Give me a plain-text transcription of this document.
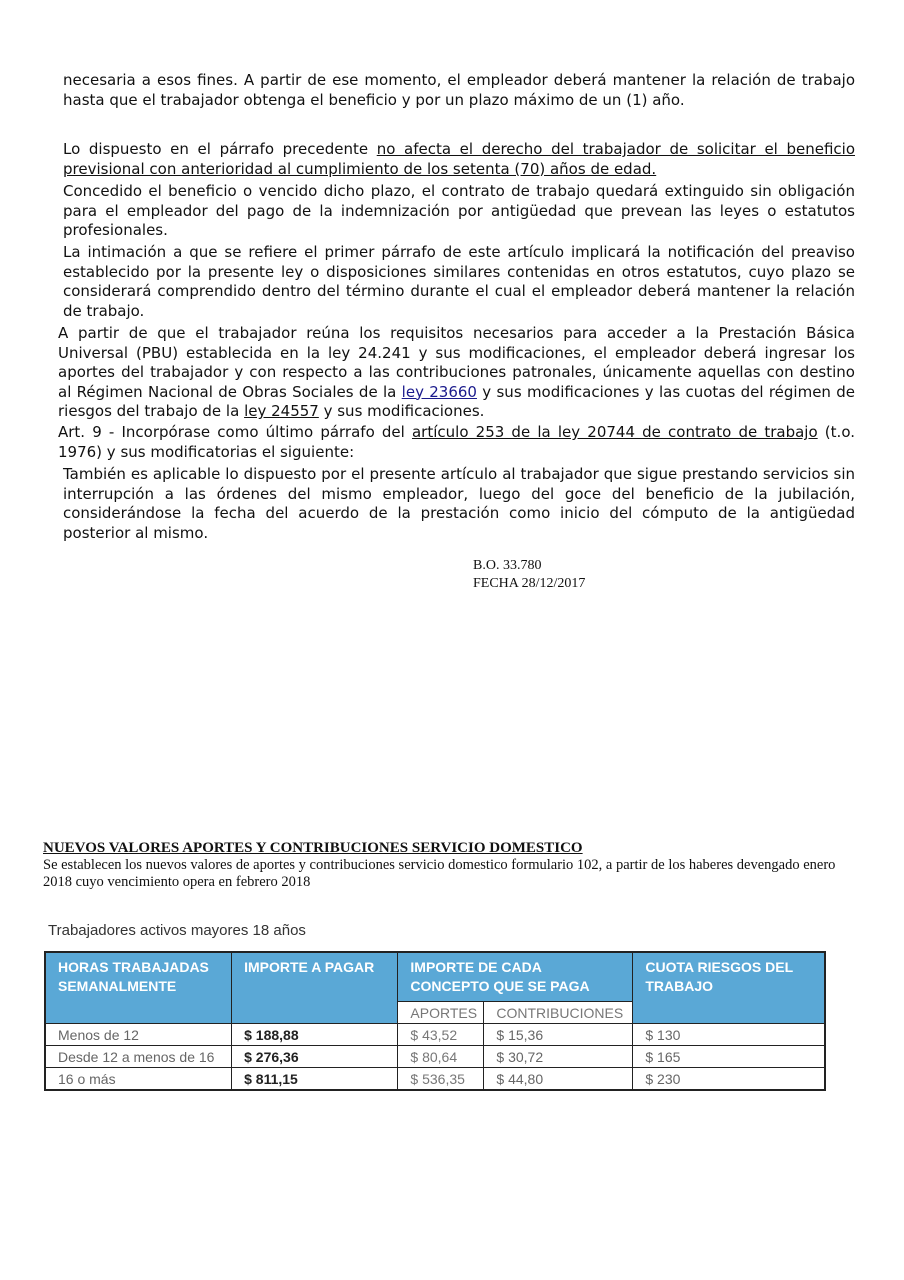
necesaria a esos fines. A partir de ese momento, el empleador deberá mantener la relación de trabajo hasta que el trabajador obtenga el beneficio y por un plazo máximo de un (1) año.

Lo dispuesto en el párrafo precedente no afecta el derecho del trabajador de solicitar el beneficio previsional con anterioridad al cumplimiento de los setenta (70) años de edad.

Concedido el beneficio o vencido dicho plazo, el contrato de trabajo quedará extinguido sin obligación para el empleador del pago de la indemnización por antigüedad que prevean las leyes o estatutos profesionales.

La intimación a que se refiere el primer párrafo de este artículo implicará la notificación del preaviso establecido por la presente ley o disposiciones similares contenidas en otros estatutos, cuyo plazo se considerará comprendido dentro del término durante el cual el empleador deberá mantener la relación de trabajo.

A partir de que el trabajador reúna los requisitos necesarios para acceder a la Prestación Básica Universal (PBU) establecida en la ley 24.241 y sus modificaciones, el empleador deberá ingresar los aportes del trabajador y con respecto a las contribuciones patronales, únicamente aquellas con destino al Régimen Nacional de Obras Sociales de la ley 23660 y sus modificaciones y las cuotas del régimen de riesgos del trabajo de la ley 24557 y sus modificaciones.

Art. 9 - Incorpórase como último párrafo del artículo 253 de la ley 20744 de contrato de trabajo (t.o. 1976) y sus modificatorias el siguiente:

También es aplicable lo dispuesto por el presente artículo al trabajador que sigue prestando servicios sin interrupción a las órdenes del mismo empleador, luego del goce del beneficio de la jubilación, considerándose la fecha del acuerdo de la prestación como inicio del cómputo de la antigüedad posterior al mismo.

B.O. 33.780
FECHA 28/12/2017

NUEVOS VALORES APORTES Y CONTRIBUCIONES SERVICIO DOMESTICO

Se establecen los nuevos valores de aportes y contribuciones servicio domestico formulario 102, a partir de los haberes devengado enero 2018 cuyo vencimiento opera en febrero 2018

Trabajadores activos mayores 18 años
HORAS TRABAJADAS SEMANALMENTE	IMPORTE A PAGAR	IMPORTE DE CADA CONCEPTO QUE SE PAGA		CUOTA RIESGOS DEL TRABAJO
		APORTES	CONTRIBUCIONES	
Menos de 12	$ 188,88	$ 43,52	$ 15,36	$ 130
Desde 12 a menos de 16	$ 276,36	$ 80,64	$ 30,72	$ 165
16 o más	$ 811,15	$ 536,35	$ 44,80	$ 230
